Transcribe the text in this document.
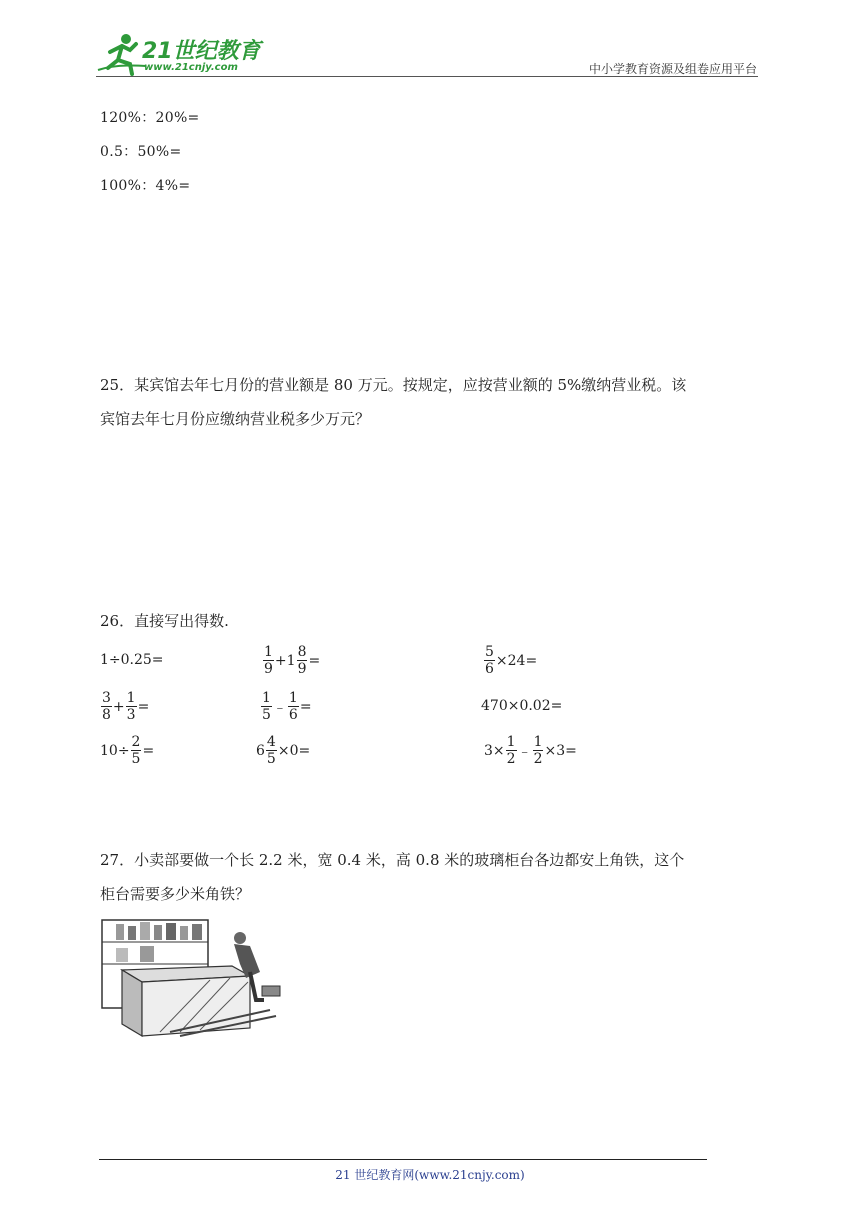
21世纪教育
www.21cnjy.com	中小学教育资源及组卷应用平台
120%：20%=
0.5：50%=
100%：4%=
25．某宾馆去年七月份的营业额是 80 万元。按规定，应按营业额的 5%缴纳营业税。该
宾馆去年七月份应缴纳营业税多少万元？
26．直接写出得数.
1÷0.25=	$\frac{1}{9} +1 \frac{8}{9}$ =	$\frac{5}{6} \times 24=$
$\frac{3}{8} + \frac{1}{3}$ =	$\frac{1}{5}$ ﹣ $\frac{1}{6}$ =	470×0.02=
$10\div \frac{2}{5}$ =	$6 \frac{4}{5} \times 0=$	$3\times \frac{1}{2}$ ﹣ $\frac{1}{2} \times 3=$
27．小卖部要做一个长 2.2 米，宽 0.4 米，高 0.8 米的玻璃柜台各边都安上角铁，这个
柜台需要多少米角铁？
21 世纪教育网(www.21cnjy.com)
